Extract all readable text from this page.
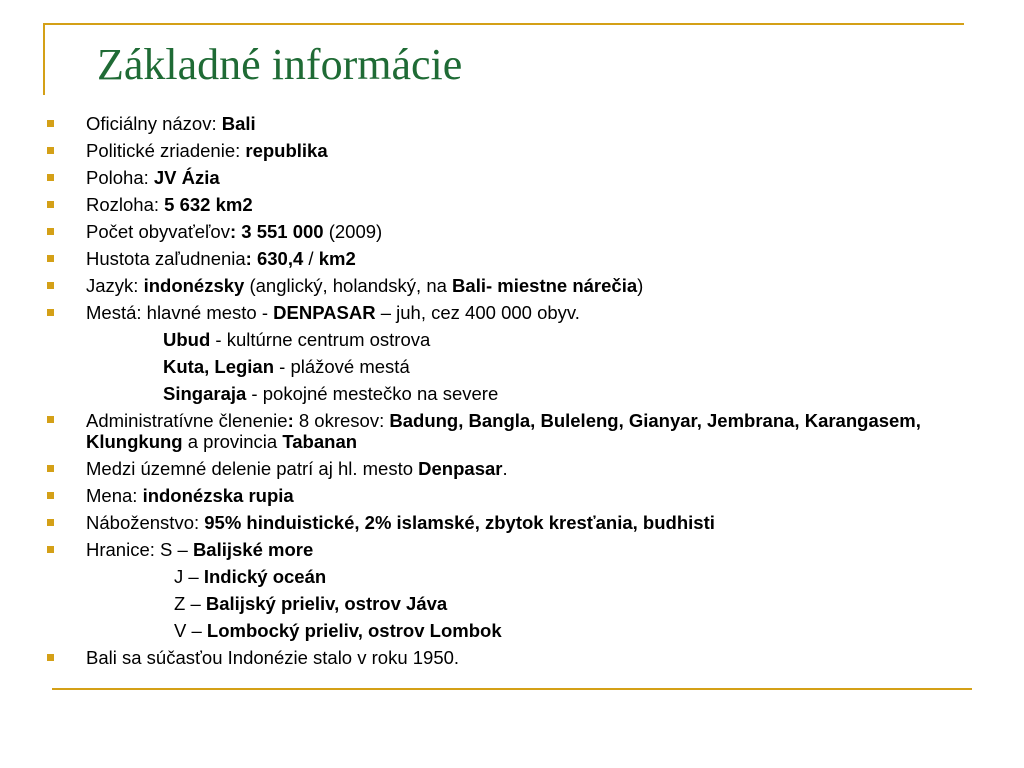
Základné informácie
Oficiálny názov: Bali
Politické zriadenie: republika
Poloha: JV Ázia
Rozloha: 5 632 km2
Počet obyvaťeľov: 3 551 000 (2009)
Hustota zaľudnenia: 630,4 / km2
Jazyk: indonézsky (anglický, holandský, na Bali- miestne nárečia)
Mestá: hlavné mesto - DENPASAR – juh, cez 400 000 obyv.
Ubud - kultúrne centrum ostrova
Kuta, Legian - plážové mestá
Singaraja - pokojné mestečko na severe
Administratívne členenie: 8 okresov: Badung, Bangla, Buleleng, Gianyar, Jembrana, Karangasem, Klungkung a provincia Tabanan
Medzi územné delenie patrí aj hl. mesto Denpasar.
Mena: indonézska rupia
Náboženstvo: 95% hinduistické, 2% islamské, zbytok kresťania, budhisti
Hranice: S – Balijské more
J – Indický oceán
Z – Balijský prieliv, ostrov Jáva
V – Lombocký prieliv, ostrov Lombok
Bali sa súčasťou Indonézie stalo v roku 1950.
